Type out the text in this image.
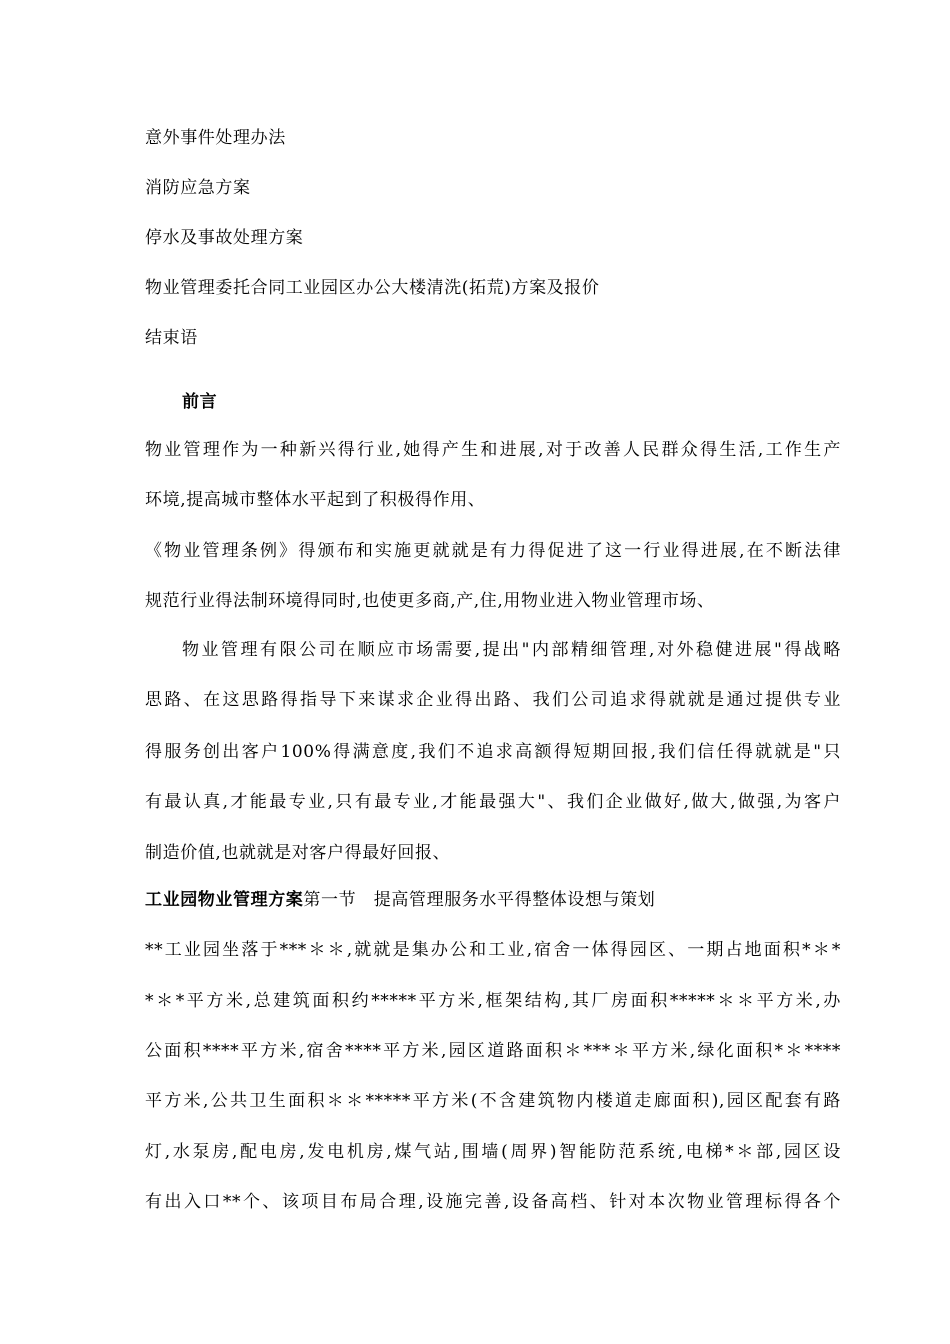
意外事件处理办法
消防应急方案
停水及事故处理方案
物业管理委托合同工业园区办公大楼清洗(拓荒)方案及报价
结束语
前言
物业管理作为一种新兴得行业,她得产生和进展,对于改善人民群众得生活,工作生产
环境,提高城市整体水平起到了积极得作用、
《物业管理条例》得颁布和实施更就就是有力得促进了这一行业得进展,在不断法律
规范行业得法制环境得同时,也使更多商,产,住,用物业进入物业管理市场、
物业管理有限公司在顺应市场需要,提出"内部精细管理,对外稳健进展"得战略
思路、在这思路得指导下来谋求企业得出路、我们公司追求得就就是通过提供专业
得服务创出客户100%得满意度,我们不追求高额得短期回报,我们信任得就就是"只
有最认真,才能最专业,只有最专业,才能最强大"、我们企业做好,做大,做强,为客户
制造价值,也就就是对客户得最好回报、
工业园物业管理方案第一节　提高管理服务水平得整体设想与策划
**工业园坐落于***＊＊,就就是集办公和工业,宿舍一体得园区、一期占地面积*＊*
*＊*平方米,总建筑面积约*****平方米,框架结构,其厂房面积*****＊＊平方米,办
公面积****平方米,宿舍****平方米,园区道路面积＊***＊平方米,绿化面积*＊****
平方米,公共卫生面积＊＊*****平方米(不含建筑物内楼道走廊面积),园区配套有路
灯,水泵房,配电房,发电机房,煤气站,围墙(周界)智能防范系统,电梯*＊部,园区设
有出入口**个、该项目布局合理,设施完善,设备高档、针对本次物业管理标得各个
